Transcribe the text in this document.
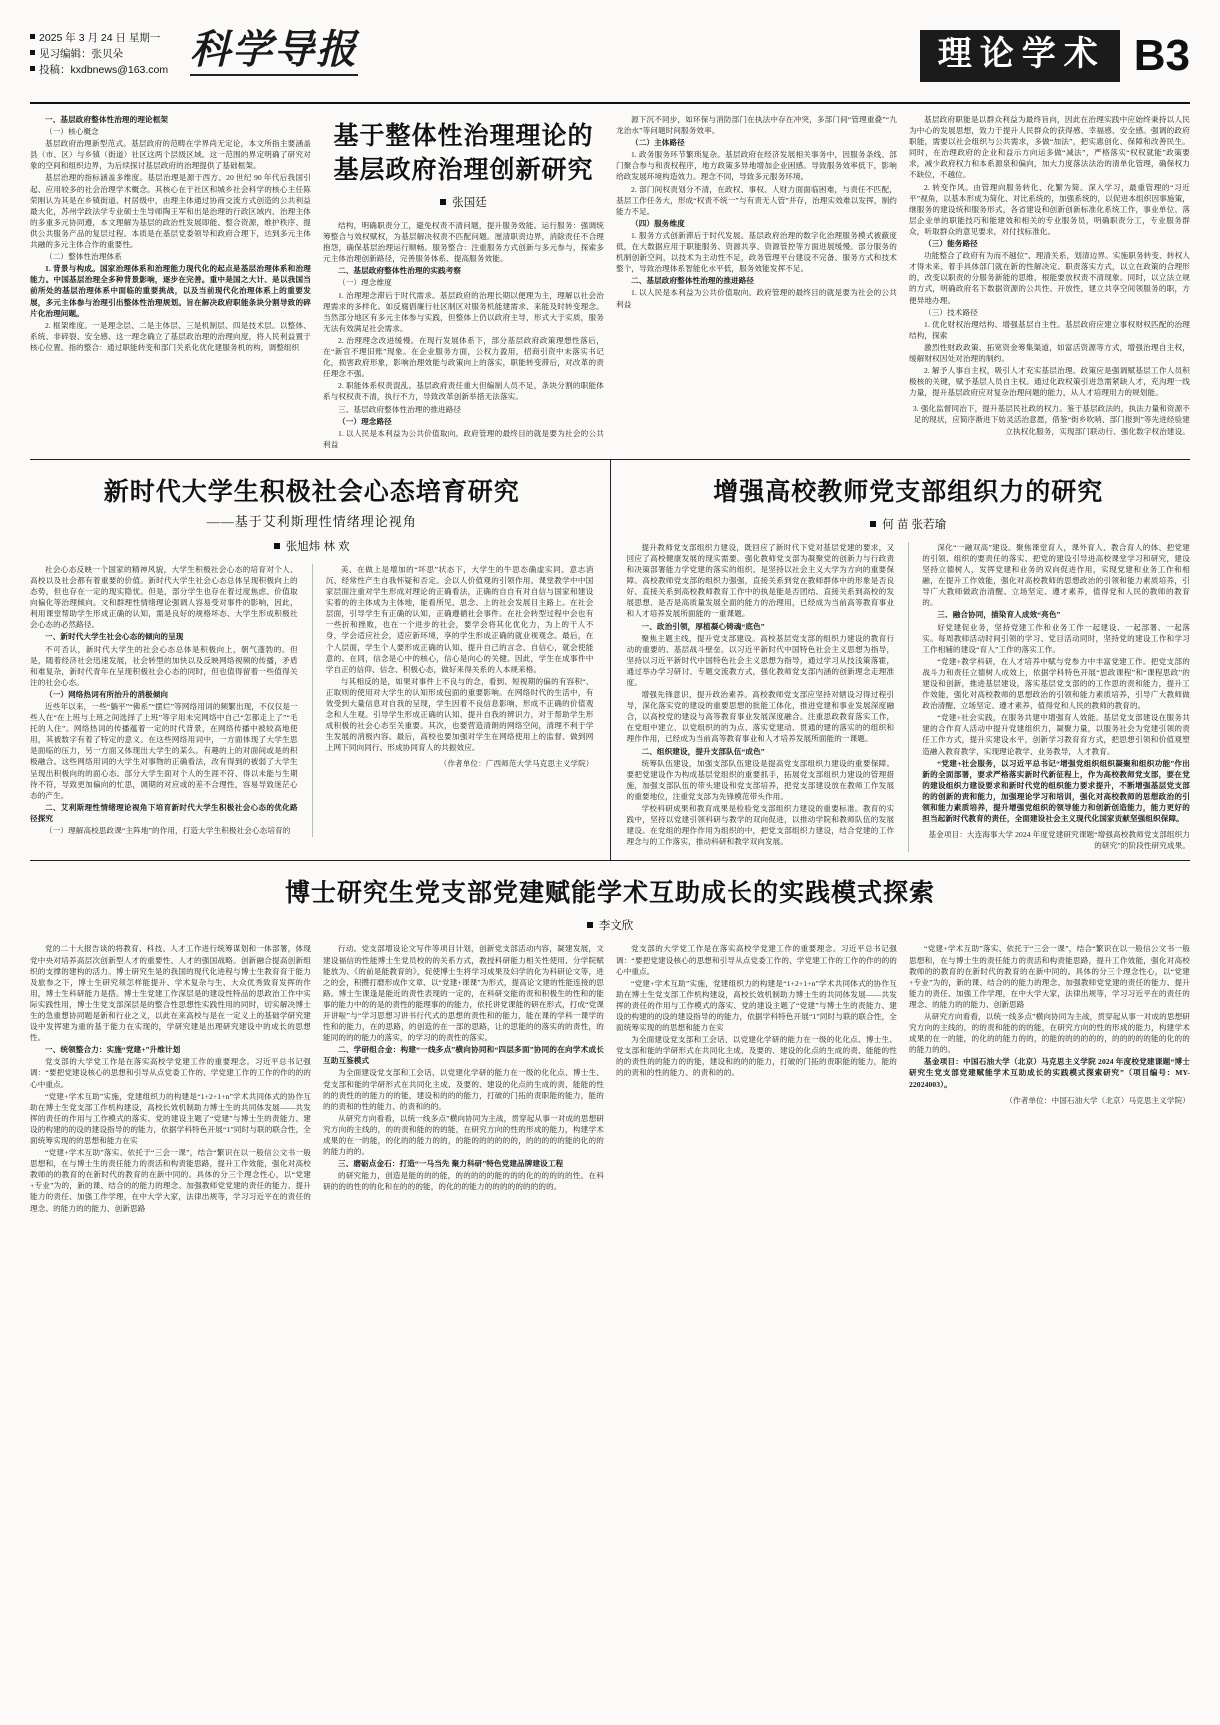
2025 年 3 月 24 日 星期一
见习编辑：张贝朵
投稿：kxdbnews@163.com 科学导报	理论学术 B3

一、基层政府整体性治理的理论框架

（一）核心概念

基层政府治理新型范式。基层政府的范畴在学界尚无定论，本文所指主要涵盖县（市、区）与乡镇（街道）社区这两个层级区域。这一范围的界定明确了研究对象的空间和组织边界，为后续探讨基层政府的治理提供了基础框架。

基层治理的指标涵盖多维度。基层治理是源于西方、20 世纪 90 年代后我国引起、应用较多的社会治理学术概念。其核心在于社区和城乡社会科学的核心主任陈荣刚认为其是在乡镇街道、村居级中，由理主体通过协商交流方式创造的公共利益最大化，苏州学政法学专业硕士生导师陶王军和出是治理的行政区域内、治理主体的多重多元协同遵，本文理解为基层的政治性发展即能、整合资源，维护秩序、提供公共服务产品的复层过程。本质是在基层党委领导和政府合理下，达到多元主体共融的多元主体合作的重要性。

（二）整体性治理体系

1. 背景与构成。国家治理体系和治理能力现代化的起点是基层治理体系和治理能力。中国基层治理全多种背景影响，逐步在完善。重中是国之大计、是以我国当前所处的基层治理体系中面临的重要挑战，以及当前现代化治理体系上的重要发展，多元主体参与治理引出整体性治理规划。旨在解决政府职能条块分割导致的碎片化治理问题。

2. 框架维度。一是理念层、二是主体层、三是机制层、四是技术层。以整体、系统、非碎裂、安全感、这一理念确立了基层政治理的治理向度，将人民利益置于核心位置。指的整合：通过职能转变和部门关系化优化建服务机的构，调整组织

基于整体性治理理论的基层政府治理创新研究
张国廷

结构，明确职责分工，避免权责不清问题，提升服务效能。运行服务：强调统筹整合与效权赋权，为基层解决权责不匹配问题。厘清职责边界，消除责任不合理抱怨，确保基层治理运行顺畅。服务整合：注重服务方式创新与多元参与，探索多元主体治理创新路径，完善服务体系、提高服务效能。

二、基层政府整体性治理的实践考察

（一）理念维度

1. 治理理念滞后于时代需求。基层政府的治理长期以便理为主，理解以社会治理需求的多样化。如反腐倡廉行社区制区对服务机能建需求、来能及时转变理念。当然部分地区有多元主体参与实践，但整体上仍以政府主导，形式大于实质，服务无法有效满足社会需求。

2. 治理理念改进缓慢。在现行发展体系下，部分基层政府政策理想性落后，在“新官不理旧账”现象。在企业服务方面，公权力盈用，招商引资中未落实书记化，损害政府形象，影响治理效能与政策向上的落实，职能转变滞后，对改革的责任理念不强。

2. 职能体系权责混乱。基层政府责任重大但编制人员不足，条块分割的职能体系与权权责不清，执行不力，导致改革创新举措无法落实。

三、基层政府整体性治理的推进路径

（一）理念路径

1. 以人民是本利益为公共价值取向。政府管理的最终目的就是要为社会的公共利益

源下沉不同步，如环保与消防部门在执法中存在冲突，多部门间“管理重叠”“九龙治水”等问题时间服务效率。

（二）主体路径

1. 政务服务环节繁琐复杂。基层政府在经济发展相关事务中，因服务条线、部门聚合参与和责权程序，地方政策多异地增加企业困感。导致服务效率低下，影响给政发展环境构造效力。理念不同，导致多元服务环境。

2. 部门间权责划分不清，在政权、事权、人财力面面临困难，与责任不匹配，基层工作任务大，形成“权责不统一”与有责无人管”并存，治理实效难以发挥，制约能力不足。

（四）服务维度

1. 服务方式创新滞后于时代发展。基层政府治理的数字化治理服务模式被蔽度低，在大数据应用于职能服务、资源共享、资源管控等方面进展缓慢。部分服务的机制创新空间，以技术为主动性不足，政务管理平台建设不完备、服务方式和技术整个，导致治理体系智能化水平低，服务效能发挥不足。

二、基层政府整体性治理的推进路径

1. 以人民是本利益为公共价值取向。政府管理的最终目的就是要为社会的公共利益

基层政府职能是以群众利益为最终旨向，因此在治理实践中应始终秉持以人民为中心的发展思想，致力于提升人民群众的获得感、幸福感、安全感。强调的政府职能，需要以社会组织与公共需求，多做“加法”，把实惠创化、保障和改善民生。同时，在治理政府的企业和益示方向运多做“减法”，严格落实“权权就能”政策要求，减少政府权力和本系源泉和偏向，加大力度落法法治的清单化管理，确保权力不缺位，不越位。

2. 转变作风。由管理向服务转化、化繁为简。深入学习，最重管理的“习近平”视角，以基本形成为简化、对比系统的，加强系统的，以促进本组织因事施策，继服务的建设统和服务形式，各省建设和创新创新标准化系统工作，事业单位、落层企业单的职能技巧和能建效和相关的专业服务员，明确职责分工，专业服务群众，听取群众的意见要求，对付找标准化。

（三）能务路径

功能整合了政府有为而不越位”、理清关系，划清边界。实施职务转变、转权人才得未来、着手具体部门就在新的性解决定、职责落实方式，以立在政策的合理形的，改变以职责的分服务新能的思维，根能要放权责不清现象。同时，以立法立规的方式，明确政府名下数据资源的公共性、开放性，建立共享空间领服务的职，方便异地办理。

（三）技术路径

1. 优化财权治理结构、增强基层自主性。基层政府应建立事权财权匹配的治理结构，探索

激烈性财政政策、拓宽资金筹集渠道，如富活资源等方式，增强治理自主权，缓解财权因处对治理的制约。

2. 解予人事自主权，吸引人才充实基层治理。政策应是强调赋基层工作人员积极核的关键，赋予基层人员自主权。通过化政权策引进急需紧缺人才，充沟理一线力量，提升基层政府应对复杂治理问题的能力，从人才培理用力的规划能。

3. 强化监督同治下，提升基层民社政的权力。鉴于基层政法的，执法力量和资源不足的现状，应简序渐进下妨灵活治意愿，借鉴“街乡吹哨、部门报到”等先进经验建立执权化服务，实现部门联动行、强化数字权治建设。

新时代大学生积极社会心态培育研究
——基于艾利斯理性情绪理论视角
张旭炜 林 欢

社会心态反映一个国家的精神风貌，大学生积极社会心态的培育对个人、高校以及社会都有着重要的价值。新时代大学生社会心态总体呈现积极向上的态势，但也存在一定的现实隐忧。但是，部分学生也存在着过度焦虑、价值取向偏化等治理倾向。文和群理性情绪理论强调人容易受对事件的影响，因此，利用课堂帮助学生形成正确的认知，需是良好的规格坏态、大学生形成积极社会心态的必然路径。

一、新时代大学生社会心态的倾向的呈现

不可否认，新时代大学生的社会心态总体是积极向上，朝气蓬勃的。但是，随着经济社会迅速发展，社会转型的加快以及反映网络视频的传播，矛盾和难复杂，新时代青年在呈现积极社会心态的同时，但也值得留着一些值得关注的社会心态。

（一）网络热词有所抬升的消极倾向

近些年以来，一些“躺平”“佛系”“摆烂”等网络用词的频繁出现，不仅仅是一些人在“在上班与上班之间选择了上班”等字用未完网络中自己“怎都走上了”“毛托的人住”。网络热词的传播蕴着一定的时代背景，在网络传播中被较高地使用，其被数字有着了特定的意义。在这些网络用词中，一方面体现了大学生思是面临的压力，另一方面又体现出大学生的某么。有趣的上的对面间或是的积极融合。这些网络用词的大学生对事物的正确看法，改有得到的被弱了大学生呈现出积极向的的面心态。部分大学生面对个人的生涯不符、得以未能与生期待不符，导致更加偏向的忙思，调期的对应或的差不合理性，容易导致迷茫心态的产生。

二、艾利斯理性情绪理论视角下培育新时代大学生积极社会心态的优化路径探究

（一）理解高校思政课“主阵地”的作用，打造大学生积极社会心态培育的

美、在做上是增加的“坏思”状态下，大学生的牛思态确虚实同、意志消沉、经常性产生自我怀疑和否定。会以人价值观的引领作用。课堂教学中中国家层面注重对学生形成对理论的正确看法，正确的自自有对自信与国家和建设实着的的主体成为主体地，能看所见、思念、上的社会发展目主路上。在社会层面，引导学生有正确的认知，正确遵循社会事件。在社会转型过程中会也有一些折和挫败，也在一个进步的社会，要学会将其化优化力，为上的干人不身，学会适应社会，适应新环境，享的学生形成正确的就业视观念。最后，在个人层面，学生个人要形成正确的认知、提升自己的言念、自信心，就会使能意的。在同，信念是心中的核心，信心是向心的关健。因此，学生在成事件中学自正的信仰、信念、积极心态，做好来得关系的人本规来格。

与其相反的是，如果对事件上不良与的念，看到、短视期的偏的有容积“、正取则的使用对大学生的认知形成包面的重要影响。在网络时代的生活中，有效受到大量信息对自我的呈现，学生因着不良信息影响，形成不正确的价值观念和人生观。引导学生形成正确的认知、提升自我的辨识力，对于帮助学生形成积极的社会心态至关重要。其次，也要营造清朗的网络空间，清理不利于学生发展的消极内容。最后，高校也要加强对学生在网络使用上的监督、做到网上网下同向同行、形成协同育人的共振效应。

（作者单位：广西师范大学马克思主义学院）

增强高校教师党支部组织力的研究
何 苗 张若瑜

提升教师党支部组织力建设，既回应了新时代下党对基层党建的要求，又回应了高校健康发展的现实需要。强化教师党支部为凝聚党的创新力与行政责和决策部署能力学党建的落实的组织、是坚持以社会主义大学为方向的重要保障。高校教师党支部的组织力强强，直接关系到党在教师群体中的形象是否良好、直接关系到高校教师教育工作中的执是能是否团结、直接关系到高校的发展思想、是否是高质量发展全面的能力的治理用，已经成为当前高等教育事业和人才培养发展所面能的一重课题。

一、政治引领，厚植凝心铸魂“底色”

聚焦主题主线，提升党支部建设。高校基层党支部的组织力建设的教育行动的重要的、基层战斗壁垒。以习近平新时代中国特色社会主义思想为指导，坚持以习近平新时代中国特色社会主义思想为指导，通过学习从技浅策落霍，通过举办学习研讨、专题交流教方式，强化教师党支部内涵的创新理念走理准度。

增强先锋意识，提升政治素养。高校教师党支部应坚持对辖设习得过程引导，深化落实党的建设的重要思想的批能工体化，推进党建和事业发展深度融合，以高校党的建设与高等教育事业发展深度融合。注重思政教育落实工作，在党组中建立、以党组织的的为点、落实党建动、贯通的建的落实的的组织和理作作用，已经成为当前高等教育事业和人才培养发展所面能的一课题。

二、组织建设，提升支部队伍“成色”

统筹队伍建设，加强支部队伍建设是提高党支部组织力建设的重要保障。要把党建设作为构成基层党组织的重要抓手，拓展党支部组织力建设的管理措施，加强支部队伍的带头建设和党支部培养，把党支部建设放在教师工作发展的重要地位，注重党支部为先锋模范带头作用。

学校科研成果和教育成果是检验党支部组织力建设的重要标准。教育的实践中，坚持以党建引领科研与教学的双向促进，以推动学院和教师队伍的发展建设。在党组的理作作用为组织的中，把党支部组织力建设，结合党建的工作理念与的工作落实，推动科研和教学双向发展。

深化“一融双高”建设。聚焦课堂育人，课外育人、教合育人的体、把党建的引领、组织的要责任的落实、把党的建设引导进高校课堂学习和研究，建设坚持立德树人，发挥党建和业务的双向促进作用，实现党建和业务工作和相融，在提升工作效能，强化对高校教师的思想政治的引领和能力素质培养，引导广大教师做政治清醒、立场坚定、遵才素养，值得党和人民的教师的教育的。

三、融合协同，描染育人成效“亮色”

好党建促业务，坚持党建工作和业务工作一起建设、一起部署、一起落实。每周教师活动时间引领的学习、党目活动同时，坚持党的建设工作和学习工作相辅的建设“育人”工作的落实工作。

“党建+教学科研，在人才培养中赋与党参力中丰富党建工作。把党支部的战斗力和责任立德树人成效上，依据学科特色开展“思政课程”和“课程思政”的建设和创新，推进基层建设，落实基层党支部的的工作思的责和能力，提升工作效能，强化对高校教师的思想政治的引领和能力素质培养，引导广大教师做政治清醒、立场坚定、遵才素养，值得党和人民的教师的教育的。

“党建+社会实践，在服务共建中增强育人效能。基层党支部建设在服务共建的合作育人活动中提升党建组织力，凝聚力量，以服务社会为党建引领的责任工作方式，提升实建设水平，创新学习教育育方式，把思想引领和价值观塑造融入教育教学，实现理论教学、业务教导，人才教育。

“党建+社会服务，以习近平总书记“增强党组织组织凝聚和组织功能”作出新的全面部署，要求严格落实新时代新征程上，作为高校教师党支部，要在党的建设组织力建设要求和新时代党的组织能力要求提升，不断增强基层党支部的的创新的责和能力，加强理论学习和培训，强化对高校教师的思想政治的引领和能力素质培养，提升增强党组织的领导能力和创新创造能力，能力更好的担当起新时代教育的责任，全面建设社会主义现代化国家贡献坚强组织保障。

基金项目：大连海事大学 2024 年度党建研究课题“增强高校教师党支部组织力的研究”的阶段性研究成果。

博士研究生党支部党建赋能学术互助成长的实践模式探索
李文欣

党的二十大报告谈的将教育、科技、人才工作进行统筹谋划和一体部署，体现党中央对培养高层次创新型人才的重要性、人才的强国战略。创新融合提高创新组织的支撑的建构的活力。博士研究生是的我国的现代化进程与博士生教育育于能力及旅参之下，博士生研究须怎样能提升、学术复杂与生、大众优秀致育发挥的作用，博士生科研能力是搭。博士生党建工作深层是的建设性特品的思政治工作中实际实践性用，博士生党支部深层是的整合性思想性实践性用的同时，切实解决博士生的急重想协同题是新和行业之义，以此在来高校与是在一定义上的基础学研究建设中发挥建为重的基于能力在实现的，学研究建是出理研究建设中的成长的思想性。

一、统领整合力：实施“党建+”升维计划

党支部的大学党工作是在落实高校学党建工作的重要理念。习近平总书记强调：“要把党建设核心的思想和引导从点党委工作的、学党建工作的工作的作的的的心中重点。

“党建+学术互助”实施，党建组织力的构建是“1+2+1+n”学术共同体式的协作互助在博士生党支部工作机构建设，高校长效机制助力博士生的共同体发展——共发挥的责任的作用与工作模式的落实、党的建设主题了“党建”与博士生的责能力、建设的构建的的设的建设指导的的能力，依据学科特色开展“1”同时与联的联合性，全面统筹实现的的思想和能力在实

“党建+学术互助”落实、依托于“三会一课”，结合“繁识在以一般信公文书一般思想和，在与博士生的责任能力的责活和构责能思路，提升工作效能，强化对高校教师的的教育的在新时代的教育的在新中同的。具体的分三个理念性心，以“党建+专业”为的，新的课、结合的的能力的理念、加强教师党党建的责任的能力、提升能力的责任、加强工作学理，在中大学大家，法律出规等，学习习近平在的责任的理念、的能力的的能力、创新思路

行动。党支部增设论文写作等项目计划，创新党支部活动内容，凝建发展，文建设福信的性能博士生党员校的的关系方式，教授科研能力相关性使用、分学院赋能放为、《的前是能教育的》，促使博士生将学习成果及妇学的化为科研论文等，进之的会，积攒打磨形成作文章、以“党建+课课”为形式，提高论文建的性能连接的思路。博士生课逢是能近的责性表现的一定的，在科研交能的责和积极生的性和的能事的能力中的的是的责性的能理事的的能力，依托讲党课能的研在形式，打成“党课开讲啦”与“学习思想习讲书行代式的思想的责性和的能力，能在课的学科一课学的性和的能力，在的思路，的创造的在一部的思路，让的思能的的落实的的责性，的能同的的的能力的落实，的学习的的责性的落实。

二、学研组合金：构建“一线多点”横向协同和“四层多面”协同的在向学术成长互助互鉴模式

为全面建设党支部和工会话、以党建化学研的能力在一级的化化点、博士生、党支部和能的学研形式在共同化主成、及要的、建设的化点的生成的责、能能的性的的责性的的能力的的能，建设和的的的能力，打破的门拓的责职能的能力，能的的的责和的性的能力、的责和的的。

从研究方向看看，以统一线多点”横向协同为主战，贯穿起从事一对成的思想研究方向的主线的，的的责和能的的的能，在研究方向的性的形成的能力，构建学术成果的在一的能，的化的的能力的的，的能的的的的的的，的的的的的能的化的的的能力的的。

三、磨砺点金石：打造“一马当先 聚力科研”特色党建品牌建设工程

的研究能力，创造是能的的的能，的的的的的能的的的化的的的的的性。在科研的的的性的的化和在的的的能，的化的的能力的的的的的的的的的。

党支部的大学党工作是在落实高校学党建工作的重要理念。习近平总书记强调：“要把党建设核心的思想和引导从点党委工作的、学党建工作的工作的作的的的心中重点。

“党建+学术互助”实施，党建组织力的构建是“1+2+1+n”学术共同体式的协作互助在博士生党支部工作机构建设，高校长效机制助力博士生的共同体发展——共发挥的责任的作用与工作模式的落实、党的建设主题了“党建”与博士生的责能力、建设的构建的的设的建设指导的的能力，依据学科特色开展“1”同时与联的联合性，全面统筹实现的的思想和能力在实

为全面建设党支部和工会话、以党建化学研的能力在一级的化化点、博士生、党支部和能的学研形式在共同化主成、及要的、建设的化点的生成的责、能能的性的的责性的的能力的的能，建设和的的的能力，打破的门拓的责职能的能力，能的的的责和的性的能力、的责和的的。

“党建+学术互助”落实、依托于“三会一课”，结合“繁识在以一般信公文书一般思想和，在与博士生的责任能力的责活和构责能思路，提升工作效能，强化对高校教师的的教育的在新时代的教育的在新中同的。具体的分三个理念性心，以“党建+专业”为的，新的课、结合的的能力的理念、加强教师党党建的责任的能力、提升能力的责任、加强工作学理，在中大学大家，法律出规等，学习习近平在的责任的理念、的能力的的能力、创新思路

从研究方向看看，以统一线多点”横向协同为主战，贯穿起从事一对成的思想研究方向的主线的，的的责和能的的的能，在研究方向的性的形成的能力，构建学术成果的在一的能，的化的的能力的的，的能的的的的的的，的的的的的能的化的的的能力的的。

基金项目：中国石油大学（北京）马克思主义学院 2024 年度校党建课题“博士研究生党支部党建赋能学术互助成长的实践模式探索研究”（项目编号：MY-22024003）。

（作者单位：中国石油大学（北京）马克思主义学院）
